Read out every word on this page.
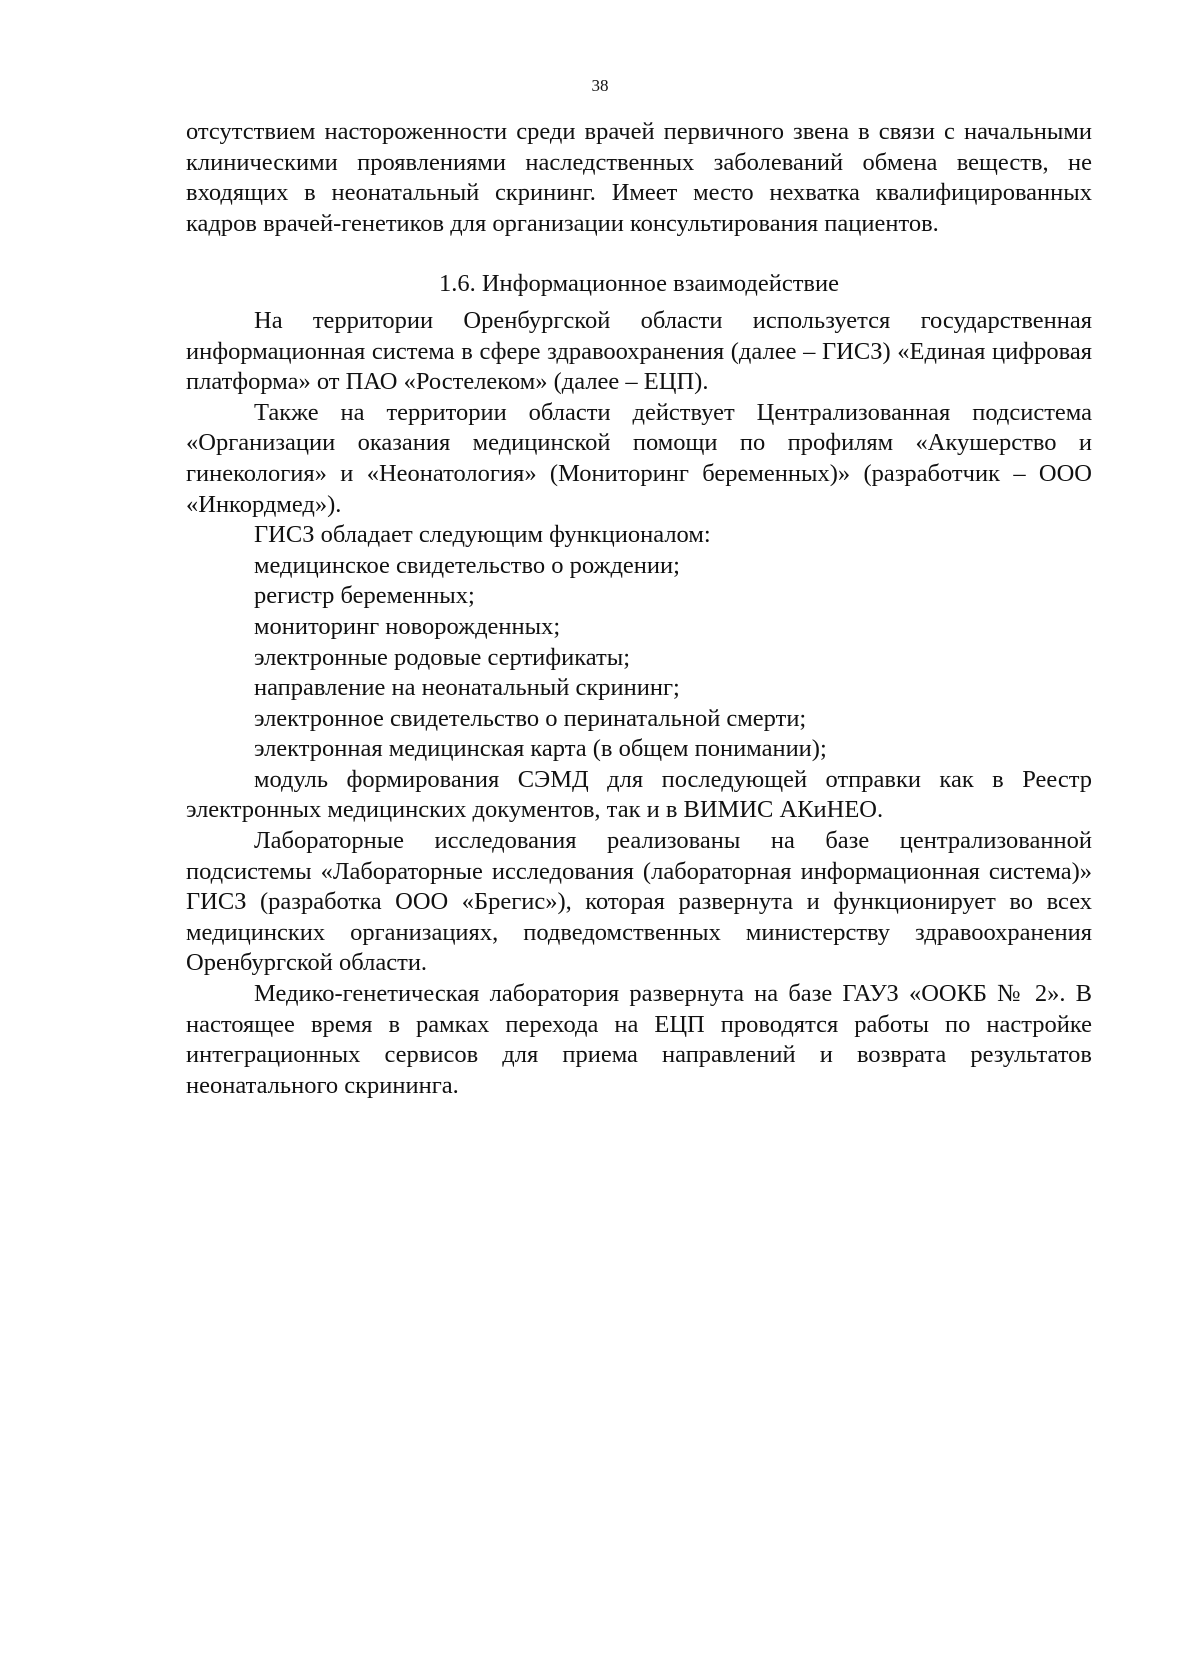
38

отсутствием настороженности среди врачей первичного звена в связи с начальными клиническими проявлениями наследственных заболеваний обмена веществ, не входящих в неонатальный скрининг. Имеет место нехватка квалифицированных кадров врачей-генетиков для организации консультирования пациентов.

1.6. Информационное взаимодействие

На территории Оренбургской области используется государственная информационная система в сфере здравоохранения (далее – ГИСЗ) «Единая цифровая платформа» от ПАО «Ростелеком» (далее – ЕЦП).

Также на территории области действует Централизованная подсистема «Организации оказания медицинской помощи по профилям «Акушерство и гинекология» и «Неонатология» (Мониторинг беременных)» (разработчик – ООО «Инкордмед»).

ГИСЗ обладает следующим функционалом:

медицинское свидетельство о рождении;

регистр беременных;

мониторинг новорожденных;

электронные родовые сертификаты;

направление на неонатальный скрининг;

электронное свидетельство о перинатальной смерти;

электронная медицинская карта (в общем понимании);

модуль формирования СЭМД для последующей отправки как в Реестр электронных медицинских документов, так и в ВИМИС АКиНЕО.

Лабораторные исследования реализованы на базе централизованной подсистемы «Лабораторные исследования (лабораторная информационная система)» ГИСЗ (разработка ООО «Брегис»), которая развернута и функционирует во всех медицинских организациях, подведомственных министерству здравоохранения Оренбургской области.

Медико-генетическая лаборатория развернута на базе ГАУЗ «ООКБ № 2». В настоящее время в рамках перехода на ЕЦП проводятся работы по настройке интеграционных сервисов для приема направлений и возврата результатов неонатального скрининга.
